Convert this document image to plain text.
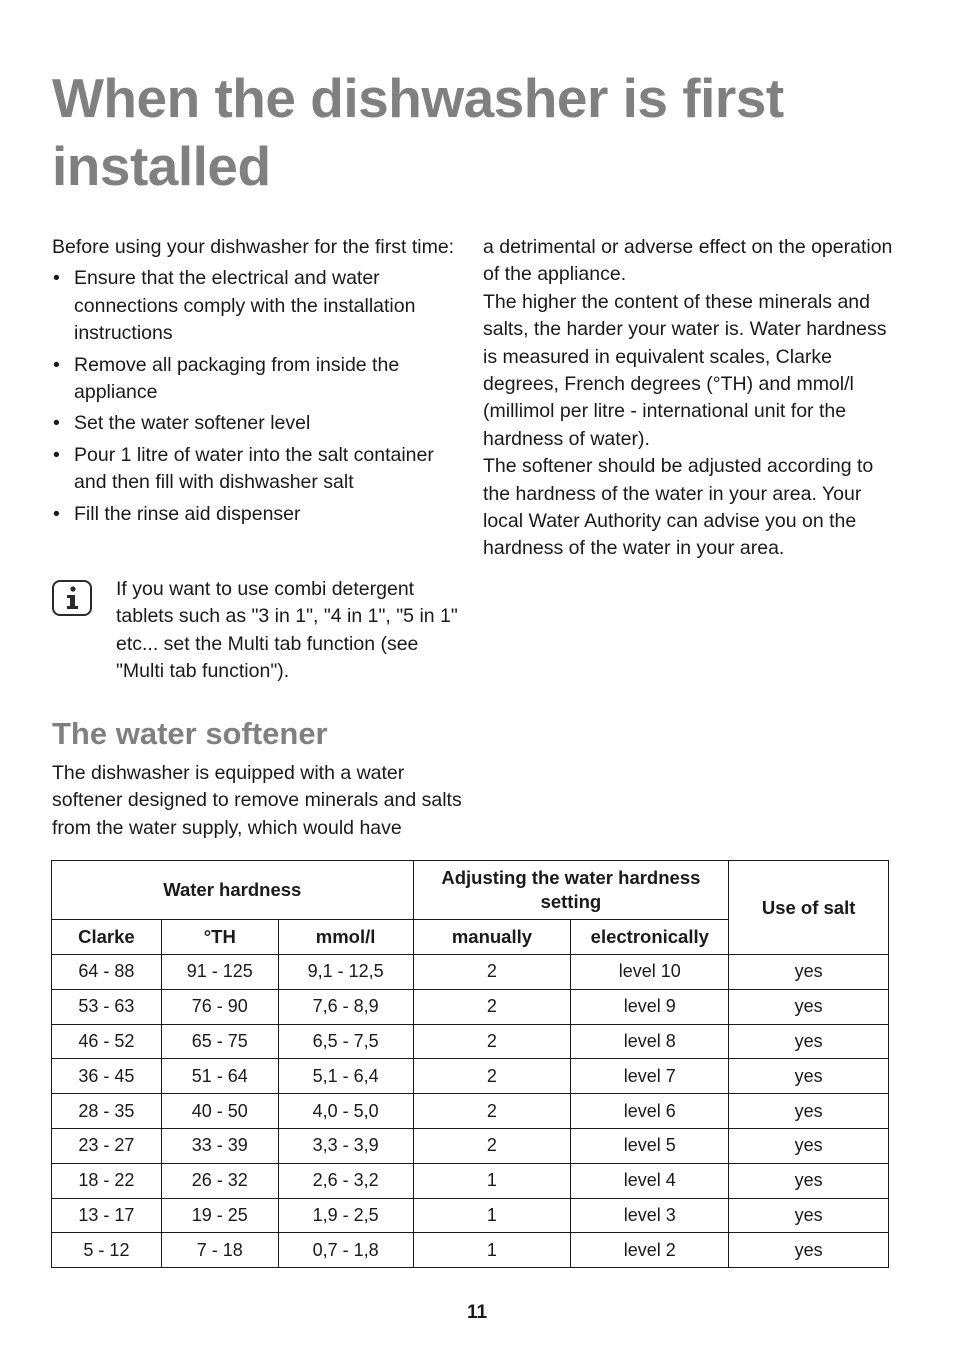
When the dishwasher is first installed

Before using your dishwasher for the first time:

• Ensure that the electrical and water connections comply with the installation instructions
• Remove all packaging from inside the appliance
• Set the water softener level
• Pour 1 litre of water into the salt container and then fill with dishwasher salt
• Fill the rinse aid dispenser
If you want to use combi detergent tablets such as "3 in 1", "4 in 1", "5 in 1" etc... set the Multi tab function (see "Multi tab function").
The water softener

The dishwasher is equipped with a water softener designed to remove minerals and salts from the water supply, which would have

a detrimental or adverse effect on the operation of the appliance.

The higher the content of these minerals and salts, the harder your water is. Water hardness is measured in equivalent scales, Clarke degrees, French degrees (°TH) and mmol/l (millimol per litre - international unit for the hardness of water).

The softener should be adjusted according to the hardness of the water in your area. Your local Water Authority can advise you on the hardness of the water in your area.

Water hardness			Adjusting the water hardness setting		Use of salt
Clarke	°TH	mmol/l	manually	electronically	
64 - 88	91 - 125	9,1 - 12,5	2	level 10	yes
53 - 63	76 - 90	7,6 - 8,9	2	level 9	yes
46 - 52	65 - 75	6,5 - 7,5	2	level 8	yes
36 - 45	51 - 64	5,1 - 6,4	2	level 7	yes
28 - 35	40 - 50	4,0 - 5,0	2	level 6	yes
23 - 27	33 - 39	3,3 - 3,9	2	level 5	yes
18 - 22	26 - 32	2,6 - 3,2	1	level 4	yes
13 - 17	19 - 25	1,9 - 2,5	1	level 3	yes
5 - 12	7 - 18	0,7 - 1,8	1	level 2	yes
11
